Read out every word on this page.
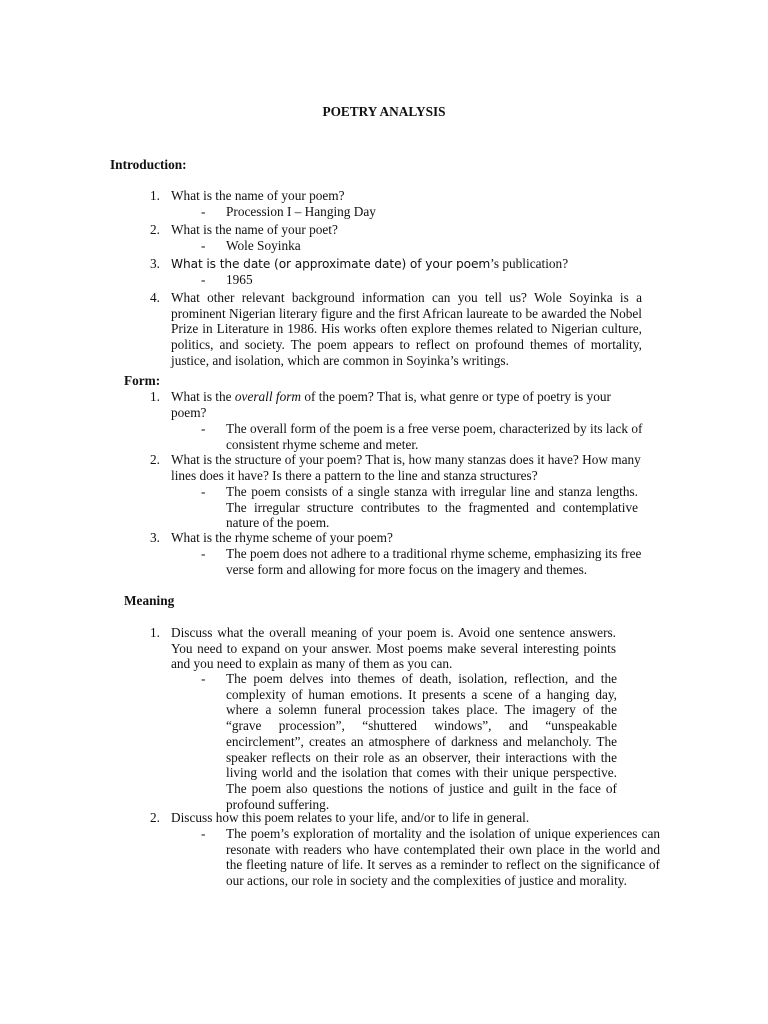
POETRY ANALYSIS
Introduction:
1. What is the name of your poem?
- Procession I – Hanging Day
2. What is the name of your poet?
- Wole Soyinka
3. What is the date (or approximate date) of your poem’s publication?
- 1965
4. What other relevant background information can you tell us? Wole Soyinka is a prominent Nigerian literary figure and the first African laureate to be awarded the Nobel Prize in Literature in 1986. His works often explore themes related to Nigerian culture, politics, and society. The poem appears to reflect on profound themes of mortality, justice, and isolation, which are common in Soyinka’s writings.
Form:
1. What is the overall form of the poem? That is, what genre or type of poetry is your poem?
- The overall form of the poem is a free verse poem, characterized by its lack of consistent rhyme scheme and meter.
2. What is the structure of your poem? That is, how many stanzas does it have? How many lines does it have? Is there a pattern to the line and stanza structures?
- The poem consists of a single stanza with irregular line and stanza lengths. The irregular structure contributes to the fragmented and contemplative nature of the poem.
3. What is the rhyme scheme of your poem?
- The poem does not adhere to a traditional rhyme scheme, emphasizing its free verse form and allowing for more focus on the imagery and themes.
Meaning
1. Discuss what the overall meaning of your poem is. Avoid one sentence answers. You need to expand on your answer. Most poems make several interesting points and you need to explain as many of them as you can.
- The poem delves into themes of death, isolation, reflection, and the complexity of human emotions. It presents a scene of a hanging day, where a solemn funeral procession takes place. The imagery of the “grave procession”, “shuttered windows”, and “unspeakable encirclement”, creates an atmosphere of darkness and melancholy. The speaker reflects on their role as an observer, their interactions with the living world and the isolation that comes with their unique perspective. The poem also questions the notions of justice and guilt in the face of profound suffering.
2. Discuss how this poem relates to your life, and/or to life in general.
- The poem’s exploration of mortality and the isolation of unique experiences can resonate with readers who have contemplated their own place in the world and the fleeting nature of life. It serves as a reminder to reflect on the significance of our actions, our role in society and the complexities of justice and morality.
